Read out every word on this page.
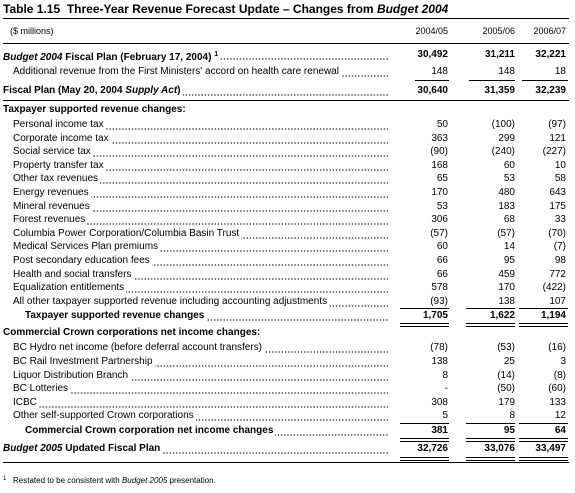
Table 1.15 Three-Year Revenue Forecast Update – Changes from Budget 2004
($ millions)	2004/05	2005/06	2006/07
Budget 2004 Fiscal Plan (February 17, 2004) $^1$	30,492	31,211	32,221
Additional revenue from the First Ministers' accord on health care renewal	148	148	18
Fiscal Plan (May 20, 2004 Supply Act)	30,640	31,359	32,239
Taxpayer supported revenue changes:
$^1$ Restated to be consistent with Budget 2005 presentation.
Personal income tax	50	(100)	(97)
Corporate income tax	363	299	121
Social service tax	(90)	(240)	(227)
Property transfer tax	168	60	10
Other tax revenues	65	53	58
Energy revenues	170	480	643
Mineral revenues	53	183	175
Forest revenues	306	68	33
Columbia Power Corporation/Columbia Basin Trust	(57)	(57)	(70)
Medical Services Plan premiums	60	14	(7)
Post secondary education fees	66	95	98
Health and social transfers	66	459	772
Equalization entitlements	578	170	(422)
All other taxpayer supported revenue including accounting adjustments	(93)	138	107
Taxpayer supported revenue changes	1,705	1,622	1,194
Commercial Crown corporations net income changes:
BC Hydro net income (before deferral account transfers)	(78)	(53)	(16)
BC Rail Investment Partnership	138	25	3
Liquor Distribution Branch	8	(14)	(8)
BC Lotteries	-	(50)	(60)
ICBC	308	179	133
Other self-supported Crown corporations	5	8	12
Commercial Crown corporation net income changes	381	95	64
Budget 2005 Updated Fiscal Plan	32,726	33,076	33,497
